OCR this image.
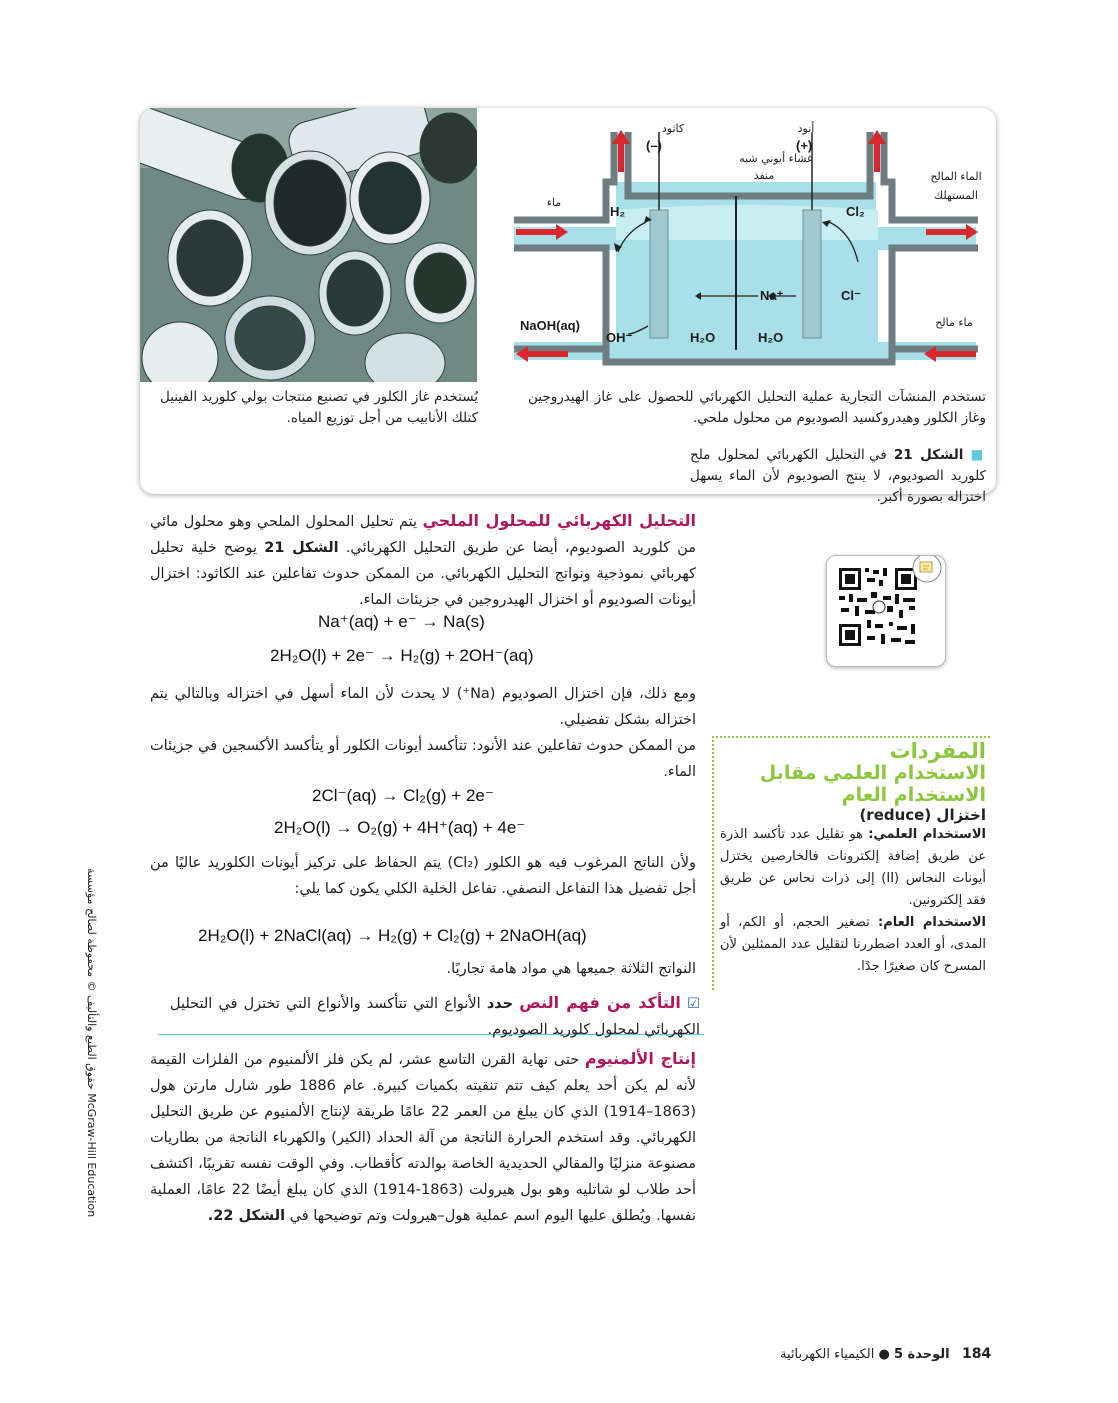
كاثود
(–)
أنود
(+)
غشاء أيوني شبه
منفذ	الماء المالح
المستهلك
ماء
ماء مالح
H₂	Cl₂
Na⁺	Cl⁻
NaOH(aq)
OH⁻	H₂O	H₂O
تستخدم المنشآت التجارية عملية التحليل الكهربائي للحصول على غاز الهيدروجين وغاز الكلور وهيدروكسيد الصوديوم من محلول ملحي.
يُستخدم غاز الكلور في تصنيع منتجات بولي كلوريد الفينيل كتلك الأنابيب من أجل توزيع المياه.
■ الشكل 21 في التحليل الكهربائي لمحلول ملح كلوريد الصوديوم، لا ينتج الصوديوم لأن الماء يسهل اختزاله بصورة أكبر.
التحليل الكهربائي للمحلول الملحي يتم تحليل المحلول الملحي وهو محلول مائي من كلوريد الصوديوم، أيضا عن طريق التحليل الكهربائي. الشكل 21 يوضح خلية تحليل كهربائي نموذجية ونواتج التحليل الكهربائي. من الممكن حدوث تفاعلين عند الكاثود: اختزال أيونات الصوديوم أو اختزال الهيدروجين في جزيئات الماء.
Na⁺(aq) + e⁻ → Na(s)
2H₂O(l) + 2e⁻ → H₂(g) + 2OH⁻(aq)
ومع ذلك، فإن اختزال الصوديوم (Na⁺) لا يحدث لأن الماء أسهل في اختزاله وبالتالي يتم اختزاله بشكل تفضيلي.
من الممكن حدوث تفاعلين عند الأنود: تتأكسد أيونات الكلور أو يتأكسد الأكسجين في جزيئات الماء.
2Cl⁻(aq) → Cl₂(g) + 2e⁻
2H₂O(l) → O₂(g) + 4H⁺(aq) + 4e⁻
ولأن الناتج المرغوب فيه هو الكلور (Cl₂) يتم الحفاظ على تركيز أيونات الكلوريد عاليًا من أجل تفضيل هذا التفاعل النصفي. تفاعل الخلية الكلي يكون كما يلي:
2H₂O(l) + 2NaCl(aq) → H₂(g) + Cl₂(g) + 2NaOH(aq)
النواتج الثلاثة جميعها هي مواد هامة تجاريًا.
☑ التأكد من فهم النص حدد الأنواع التي تتأكسد والأنواع التي تختزل في التحليل الكهربائي لمحلول كلوريد الصوديوم.
إنتاج الألمنيوم حتى نهاية القرن التاسع عشر، لم يكن فلز الألمنيوم من الفلزات القيمة لأنه لم يكن أحد يعلم كيف تتم تنقيته بكميات كبيرة. عام 1886 طور شارل مارتن هول (1863–1914) الذي كان يبلغ من العمر 22 عامًا طريقة لإنتاج الألمنيوم عن طريق التحليل الكهربائي. وقد استخدم الحرارة الناتجة من آلة الحداد (الكير) والكهرباء الناتجة من بطاريات مصنوعة منزليًا والمقالي الحديدية الخاصة بوالدته كأقطاب. وفي الوقت نفسه تقريبًا، اكتشف أحد طلاب لو شاتليه وهو بول هيرولت (1863-1914) الذي كان يبلغ أيضًا 22 عامًا، العملية نفسها. ويُطلق عليها اليوم اسم عملية هول–هيرولت وتم توضيحها في الشكل 22.
المفردات
الاستخدام العلمي مقابل
الاستخدام العام
اختزال (reduce)
الاستخدام العلمي: هو تقليل عدد تأكسد الذرة عن طريق إضافة إلكترونات فالخارصين يختزل أيونات النحاس (II) إلى ذرات نحاس عن طريق فقد إلكترونين.
الاستخدام العام: تصغير الحجم، أو الكم، أو المدى، أو العدد اضطررنا لتقليل عدد الممثلين لأن المسرح كان صغيرًا جدًا.
حقوق الطبع والتأليف © محفوظة لصالح مؤسسة McGraw-Hill Education
184   الوحدة 5 ● الكيمياء الكهربائية
